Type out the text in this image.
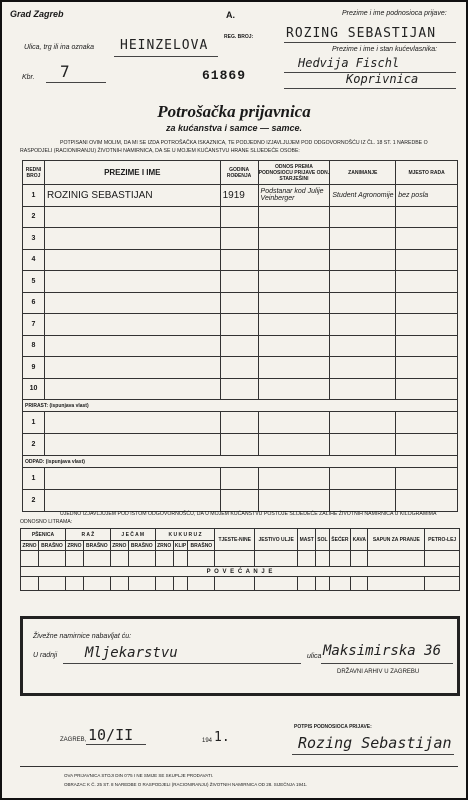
Grad Zagreb	A.	Prezime i ime podnosioca prijave:
REG. BROJ:	ROZING SEBASTIJAN
Ulica, trg ili ina oznaka HEINZELOVA	Prezime i ime i stan kućevlasnika:
Hedvija Fischl
Koprivnica
Kbr. 7	61869
Potrošačka prijavnica
za kućanstva i samce — samce.
POTPISANI OVIM MOLIM, DA MI SE IZDA POTROŠAČKA ISKAZNICA, TE PODJEDNO IZJAVLJUJEM POD ODGOVORNOŠĆU IZ ČL. 18 ST. 1 NAREDBE O RASPODJELI (RACIONIRANJU) ŽIVOTNIH NAMIRNICA, DA SE U MOJEM KUĆANSTVU HRANE SLIJEDEĆE OSOBE:
REDNI BROJ	PREZIME I IME	GODINA ROĐENJA	ODNOS PREMA PODNOSIOCU PRIJAVE ODN. STARJEŠINI	ZANIMANJE	MJESTO RADA
1	ROZINIG SEBASTIJAN	1919	Podstanar kod Julije Veinberger	Student Agronomije	bez posla
2					
3					
4					
5					
6					
7					
8					
9					
10					
PRIRAST: (ispunjava vlast)					
1					
2					
ODPAD: (ispunjava vlast)					
1					
2					
UJEDNO IZJAVLJUJEM POD ISTOM ODGOVORNOŠĆU, DA U MOJEM KUĆANSTVU POSTOJE SLIJEDEĆE ZALIHE ŽIVOTNIH NAMIRNICA U KILOGRAMIMA ODNOSNO LITRAMA:
PŠENICA		R A Ž		J E Č A M		K U K U R U Z			TJESTE-NINE	JESTIVO ULJE	MAST	SOL	ŠEĆER	KAVA	SAPUN ZA PRANJE	PETRO-LEJ
ZRNO	BRAŠNO	ZRNO	BRAŠNO	ZRNO	BRAŠNO	ZRNO	KLIP	BRAŠNO								

P O V E Ć A N J E																

Živežne namirnice nabavljat ću:
U radnji Mljekarstvu	ulica Maksimirska 36
DRŽAVNI ARHIV U ZAGREBU
POTPIS PODNOSIOCA PRIJAVE:
ZAGREB, 10/II	194 1.	Rozing Sebastijan
OVA PRIJAVNICA STOJI DIN 0'75 I NE SMIJE SE SKUPLJE PRODAVATI.
OBRAZAC K Č. 25 ST. 8 NAREDBE O RASPODJELI (RACIONIRANJU) ŽIVOTNIH NAMIRNICA OD 28. SIJEČNJA 1941.
